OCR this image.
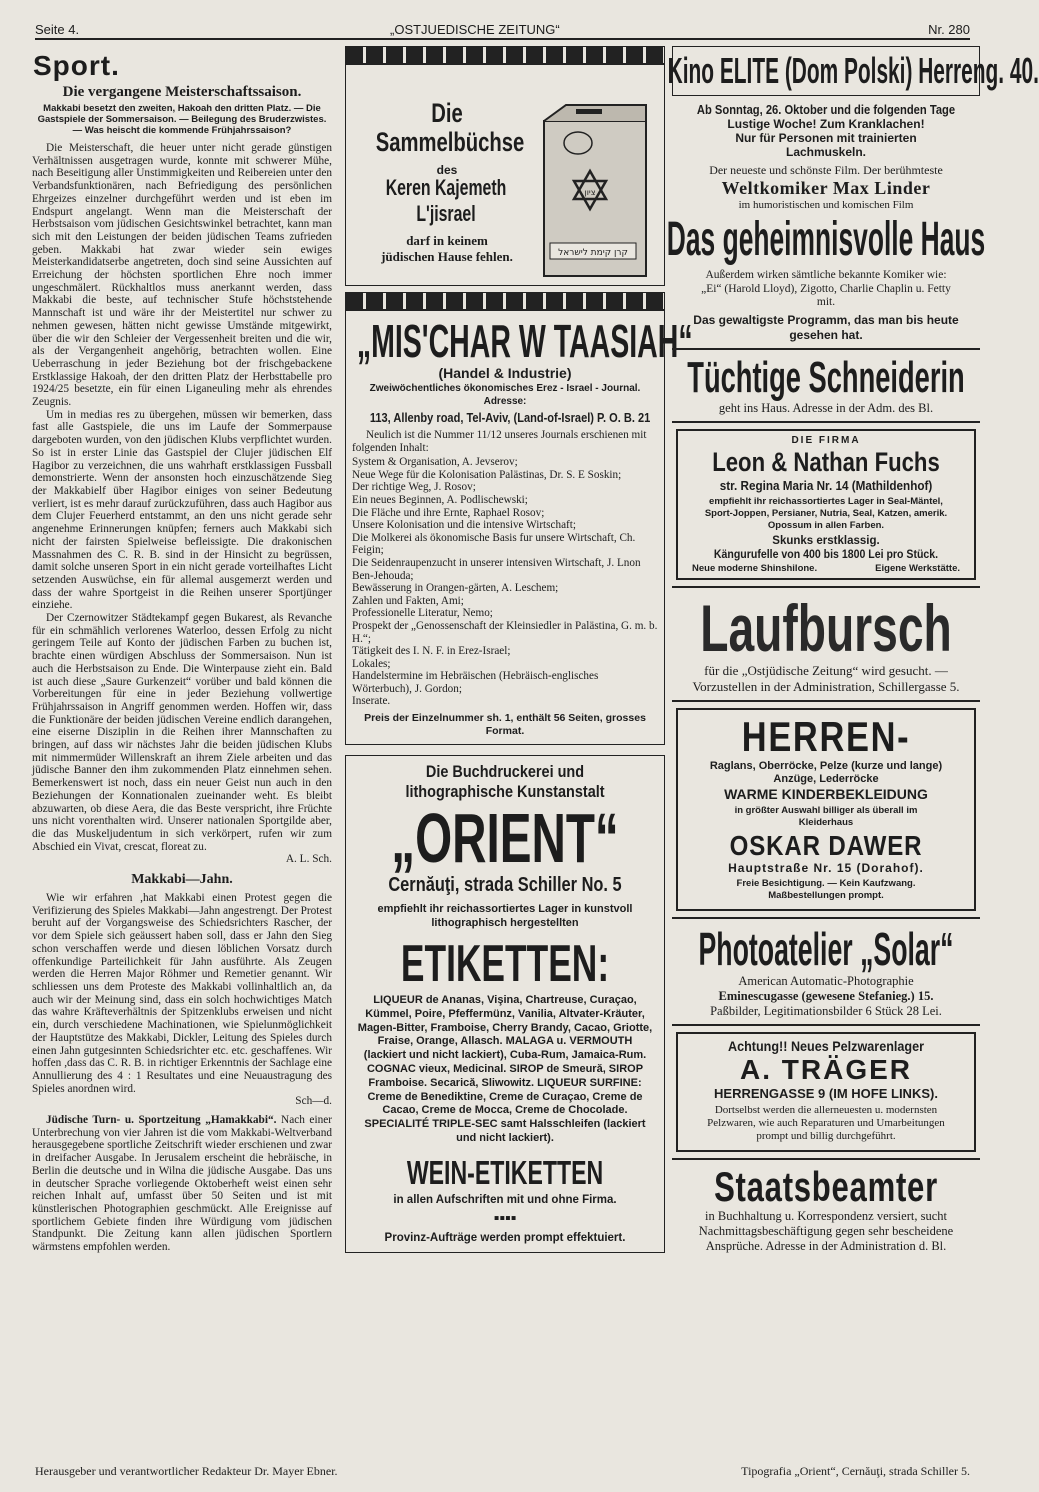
Seite 4.	„OSTJUEDISCHE ZEITUNG“	Nr. 280
Sport.
Die vergangene Meisterschaftssaison.
Makkabi besetzt den zweiten, Hakoah den dritten Platz. — Die Gastspiele der Sommersaison. — Beilegung des Bruderzwistes. — Was heischt die kommende Frühjahrssaison?

Die Meisterschaft, die heuer unter nicht gerade günstigen Verhältnissen ausgetragen wurde, konnte mit schwerer Mühe, nach Beseitigung aller Unstimmigkeiten und Reibereien unter den Verbandsfunktionären, nach Befriedigung des persönlichen Ehrgeizes einzelner durchgeführt werden und ist eben im Endspurt angelangt. Wenn man die Meisterschaft der Herbstsaison vom jüdischen Gesichtswinkel betrachtet, kann man sich mit den Leistungen der beiden jüdischen Teams zufrieden geben. Makkabi hat zwar wieder sein ewiges Meisterkandidatserbe angetreten, doch sind seine Aussichten auf Erreichung der höchsten sportlichen Ehre noch immer ungeschmälert. Rückhaltlos muss anerkannt werden, dass Makkabi die beste, auf technischer Stufe höchststehende Mannschaft ist und wäre ihr der Meistertitel nur schwer zu nehmen gewesen, hätten nicht gewisse Umstände mitgewirkt, über die wir den Schleier der Vergessenheit breiten und die wir, als der Vergangenheit angehörig, betrachten wollen. Eine Ueberraschung in jeder Beziehung bot der frischgebackene Erstklassige Hakoah, der den dritten Platz der Herbsttabelle pro 1924/25 besetzte, ein für einen Liganeuling mehr als ehrendes Zeugnis.

Um in medias res zu übergehen, müssen wir bemerken, dass fast alle Gastspiele, die uns im Laufe der Sommerpause dargeboten wurden, von den jüdischen Klubs verpflichtet wurden. So ist in erster Linie das Gastspiel der Clujer jüdischen Elf Hagibor zu verzeichnen, die uns wahrhaft erstklassigen Fussball demonstrierte. Wenn der ansonsten hoch einzuschätzende Sieg der Makkabielf über Hagibor einiges von seiner Bedeutung verliert, ist es mehr darauf zurückzuführen, dass auch Hagibor aus dem Clujer Feuerherd entstammt, an den uns nicht gerade sehr angenehme Erinnerungen knüpfen; ferners auch Makkabi sich nicht der fairsten Spielweise befleissigte. Die drakonischen Massnahmen des C. R. B. sind in der Hinsicht zu begrüssen, damit solche unseren Sport in ein nicht gerade vorteilhaftes Licht setzenden Auswüchse, ein für allemal ausgemerzt werden und dass der wahre Sportgeist in die Reihen unserer Sportjünger einziehe.

Der Czernowitzer Städtekampf gegen Bukarest, als Revanche für ein schmählich verlorenes Waterloo, dessen Erfolg zu nicht geringem Teile auf Konto der jüdischen Farben zu buchen ist, brachte einen würdigen Abschluss der Sommersaison. Nun ist auch die Herbstsaison zu Ende. Die Winterpause zieht ein. Bald ist auch diese „Saure Gurkenzeit“ vorüber und bald können die Vorbereitungen für eine in jeder Beziehung vollwertige Frühjahrssaison in Angriff genommen werden. Hoffen wir, dass die Funktionäre der beiden jüdischen Vereine endlich darangehen, eine eiserne Disziplin in die Reihen ihrer Mannschaften zu bringen, auf dass wir nächstes Jahr die beiden jüdischen Klubs mit nimmermüder Willenskraft an ihrem Ziele arbeiten und das jüdische Banner den ihm zukommenden Platz einnehmen sehen. Bemerkenswert ist noch, dass ein neuer Geist nun auch in den Beziehungen der Konnationalen zueinander weht. Es bleibt abzuwarten, ob diese Aera, die das Beste verspricht, ihre Früchte uns nicht vorenthalten wird. Unserer nationalen Sportgilde aber, die das Muskeljudentum in sich verkörpert, rufen wir zum Abschied ein Vivat, crescat, floreat zu.

A. L. Sch.
Makkabi—Jahn.

Wie wir erfahren ,hat Makkabi einen Protest gegen die Verifizierung des Spieles Makkabi—Jahn angestrengt. Der Protest beruht auf der Vorgangsweise des Schiedsrichters Rascher, der vor dem Spiele sich geäussert haben soll, dass er Jahn den Sieg schon verschaffen werde und diesen löblichen Vorsatz durch offenkundige Parteilichkeit für Jahn ausführte. Als Zeugen werden die Herren Major Röhmer und Remetier genannt. Wir schliessen uns dem Proteste des Makkabi vollinhaltlich an, da auch wir der Meinung sind, dass ein solch hochwichtiges Match das wahre Kräfteverhältnis der Spitzenklubs erweisen und nicht ein, durch verschiedene Machinationen, wie Spielunmöglichkeit der Hauptstütze des Makkabi, Dickler, Leitung des Spieles durch einen Jahn gutgesinnten Schiedsrichter etc. etc. geschaffenes. Wir hoffen ,dass das C. R. B. in richtiger Erkenntnis der Sachlage eine Annullierung des 4 : 1 Resultates und eine Neuaustragung des Spieles anordnen wird.

Sch—d.

Jüdische Turn- u. Sportzeitung „Hamakkabi“. Nach einer Unterbrechung von vier Jahren ist die vom Makkabi-Weltverband herausgegebene sportliche Zeitschrift wieder erschienen und zwar in dreifacher Ausgabe. In Jerusalem erscheint die hebräische, in Berlin die deutsche und in Wilna die jüdische Ausgabe. Das uns in deutscher Sprache vorliegende Oktoberheft weist einen sehr reichen Inhalt auf, umfasst über 50 Seiten und ist mit künstlerischen Photographien geschmückt. Alle Ereignisse auf sportlichem Gebiete finden ihre Würdigung vom jüdischen Standpunkt. Die Zeitung kann allen jüdischen Sportlern wärmstens empfohlen werden.

Die Sammelbüchse
des
Keren Kajemeth L'jisrael
darf in keinem
jüdischen Hause fehlen.
ציון
קרן קימת לישראל
„MIS'CHAR W TAASIAH“
(Handel & Industrie)
Zweiwöchentliches ökonomisches Erez - Israel - Journal.
Adresse:
113, Allenby road, Tel-Aviv, (Land-of-Israel) P. O. B. 21
Neulich ist die Nummer 11/12 unseres Journals erschienen mit folgenden Inhalt:
System & Organisation, A. Jevserov;
Neue Wege für die Kolonisation Palästinas, Dr. S. E Soskin;
Der richtige Weg, J. Rosov;
Ein neues Beginnen, A. Podlischewski;
Die Fläche und ihre Ernte, Raphael Rosov;
Unsere Kolonisation und die intensive Wirtschaft;
Die Molkerei als ökonomische Basis fur unsere Wirtschaft, Ch. Feigin;
Die Seidenraupenzucht in unserer intensiven Wirtschaft, J. Lnon Ben-Jehouda;
Bewässerung in Orangen-gärten, A. Leschem;
Zahlen und Fakten, Ami;
Professionelle Literatur, Nemo;
Prospekt der „Genossenschaft der Kleinsiedler in Palästina, G. m. b. H.“;
Tätigkeit des I. N. F. in Erez-Israel;
Lokales;
Handelstermine im Hebräischen (Hebräisch-englisches Wörterbuch), J. Gordon;
Inserate.
Preis der Einzelnummer sh. 1, enthält 56 Seiten, grosses Format.
Die Buchdruckerei und lithographische Kunstanstalt
„ORIENT“
Cernăuţi, strada Schiller No. 5
empfiehlt ihr reichassortiertes Lager in kunstvoll lithographisch hergestellten
ETIKETTEN:
LIQUEUR de Ananas, Vişina, Chartreuse, Curaçao, Kümmel, Poire, Pfeffermünz, Vanilia, Altvater-Kräuter, Magen-Bitter, Framboise, Cherry Brandy, Cacao, Griotte, Fraise, Orange, Allasch. MALAGA u. VERMOUTH (lackiert und nicht lackiert), Cuba-Rum, Jamaica-Rum. COGNAC vieux, Medicinal. SIROP de Smeură, SIROP Framboise. Secarică, Sliwowitz. LIQUEUR SURFINE: Creme de Benediktine, Creme de Curaçao, Creme de Cacao, Creme de Mocca, Creme de Chocolade. SPECIALITÉ TRIPLE-SEC samt Halsschleifen (lackiert und nicht lackiert).
WEIN-ETIKETTEN
in allen Aufschriften mit und ohne Firma.
▪▪▪▪
Provinz-Aufträge werden prompt effektuiert.
Kino ELITE (Dom Polski) Herreng. 40.
Ab Sonntag, 26. Oktober und die folgenden Tage
Lustige Woche! Zum Kranklachen!
Nur für Personen mit trainierten Lachmuskeln.
Der neueste und schönste Film. Der berühmteste
Weltkomiker Max Linder
im humoristischen und komischen Film
Das geheimnisvolle Haus
Außerdem wirken sämtliche bekannte Komiker wie: „Ei“ (Harold Lloyd), Zigotto, Charlie Chaplin u. Fetty mit.
Das gewaltigste Programm, das man bis heute gesehen hat.
Tüchtige Schneiderin
geht ins Haus. Adresse in der Adm. des Bl.
DIE FIRMA
Leon & Nathan Fuchs
str. Regina Maria Nr. 14 (Mathildenhof)
empfiehlt ihr reichassortiertes Lager in Seal-Mäntel, Sport-Joppen, Persianer, Nutria, Seal, Katzen, amerik. Opossum in allen Farben.
Skunks erstklassig.
Kängurufelle von 400 bis 1800 Lei pro Stück.
Neue moderne Shinshilone.	Eigene Werkstätte.
Laufbursch
für die „Ostjüdische Zeitung“ wird gesucht. — Vorzustellen in der Administration, Schillergasse 5.
HERREN-
Raglans, Oberröcke, Pelze (kurze und lange) Anzüge, Lederröcke
WARME KINDERBEKLEIDUNG
in größter Auswahl billiger als überall im Kleiderhaus
OSKAR DAWER
Hauptstraße Nr. 15 (Dorahof).
Freie Besichtigung. — Kein Kaufzwang. Maßbestellungen prompt.
Photoatelier „Solar“
American Automatic-Photographie
Eminescugasse (gewesene Stefanieg.) 15.
Paßbilder, Legitimationsbilder 6 Stück 28 Lei.
Achtung!! Neues Pelzwarenlager
A. TRÄGER
HERRENGASSE 9 (IM HOFE LINKS).
Dortselbst werden die allerneuesten u. modernsten Pelzwaren, wie auch Reparaturen und Umarbeitungen prompt und billig durchgeführt.
Staatsbeamter
in Buchhaltung u. Korrespondenz versiert, sucht Nachmittagsbeschäftigung gegen sehr bescheidene Ansprüche. Adresse in der Administration d. Bl.
Herausgeber und verantwortlicher Redakteur Dr. Mayer Ebner.	Tipografia „Orient“, Cernăuţi, strada Schiller 5.
